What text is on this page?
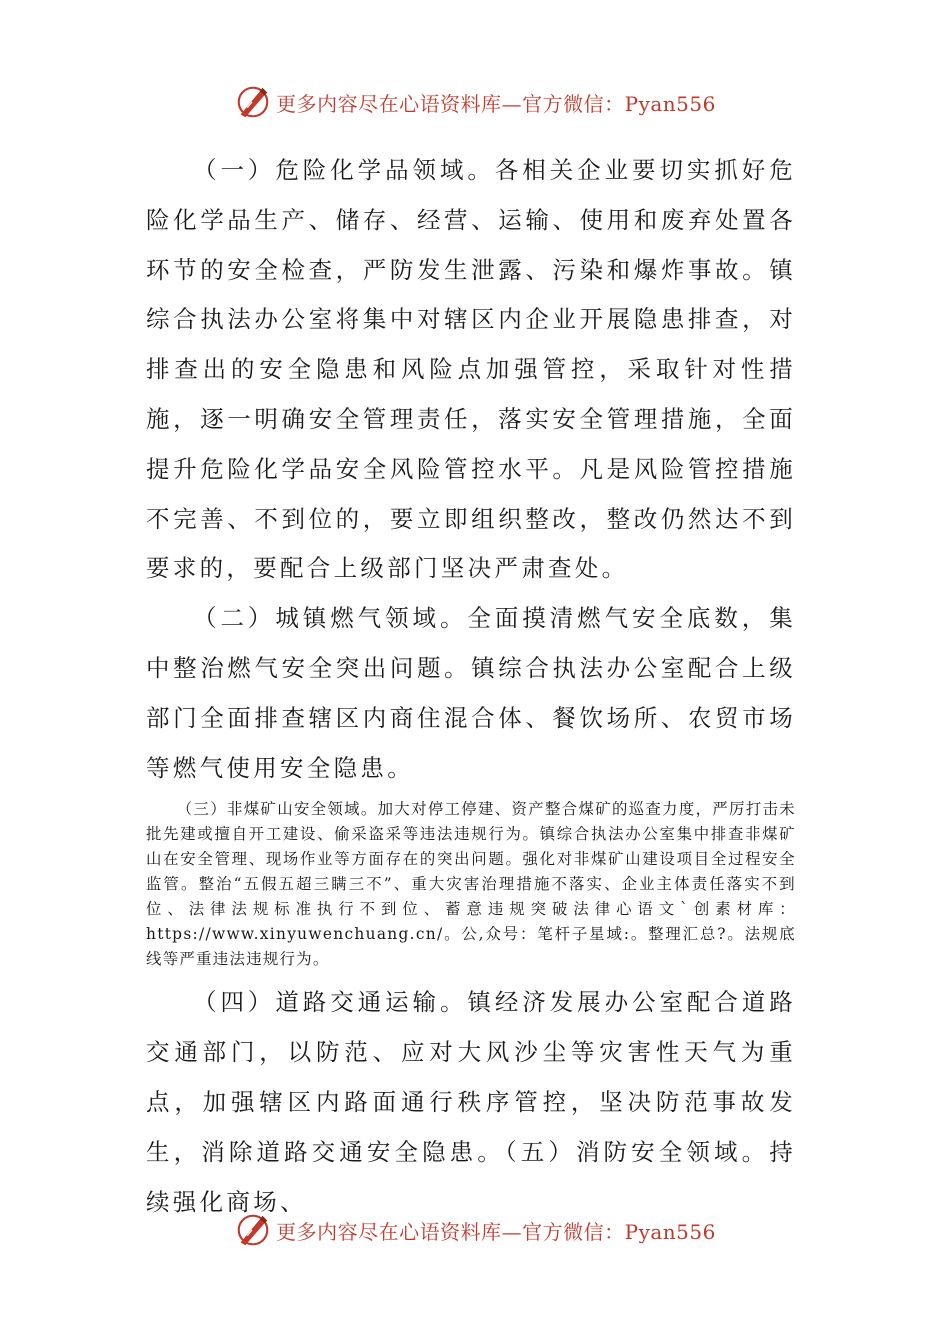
更多内容尽在心语资料库—官方微信：Pyan556

（一）危险化学品领域。各相关企业要切实抓好危险化学品生产、储存、经营、运输、使用和废弃处置各环节的安全检查，严防发生泄露、污染和爆炸事故。镇综合执法办公室将集中对辖区内企业开展隐患排查，对排查出的安全隐患和风险点加强管控，采取针对性措施，逐一明确安全管理责任，落实安全管理措施，全面提升危险化学品安全风险管控水平。凡是风险管控措施不完善、不到位的，要立即组织整改，整改仍然达不到要求的，要配合上级部门坚决严肃查处。

（二）城镇燃气领域。全面摸清燃气安全底数，集中整治燃气安全突出问题。镇综合执法办公室配合上级部门全面排查辖区内商住混合体、餐饮场所、农贸市场等燃气使用安全隐患。

（三）非煤矿山安全领域。加大对停工停建、资产整合煤矿的巡查力度，严厉打击未批先建或擅自开工建设、偷采盗采等违法违规行为。镇综合执法办公室集中排查非煤矿山在安全管理、现场作业等方面存在的突出问题。强化对非煤矿山建设项目全过程安全监管。整治“五假五超三瞒三不”、重大灾害治理措施不落实、企业主体责任落实不到位、法律法规标准执行不到位、蓄意违规突破法律心语文`创素材库：https://www.xinyuwenchuang.cn/。公,众号：笔杆子星域:。整理汇总?。法规底线等严重违法违规行为。

（四）道路交通运输。镇经济发展办公室配合道路交通部门，以防范、应对大风沙尘等灾害性天气为重点，加强辖区内路面通行秩序管控，坚决防范事故发生，消除道路交通安全隐患。（五）消防安全领域。持续强化商场、

更多内容尽在心语资料库—官方微信：Pyan556
